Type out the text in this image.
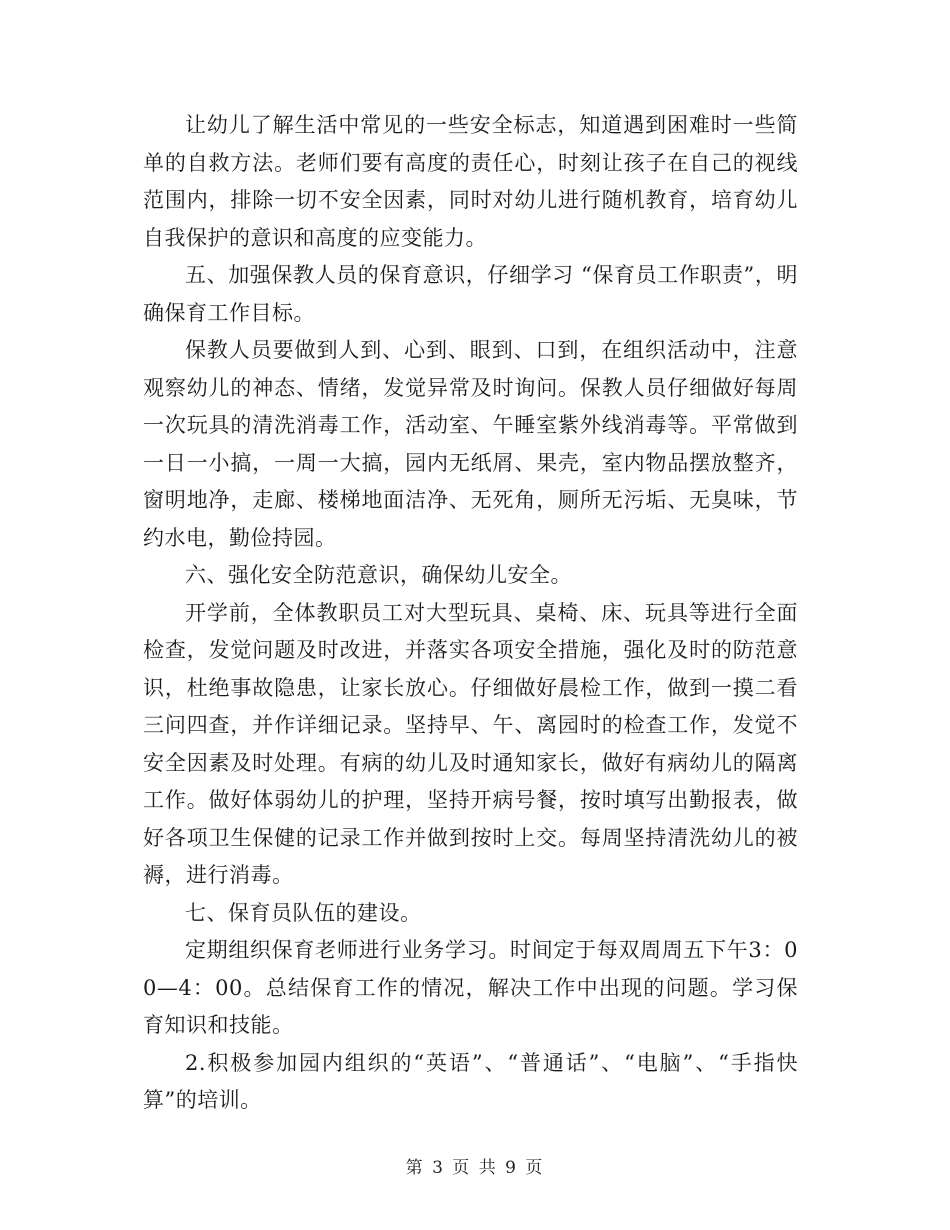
让幼儿了解生活中常见的一些安全标志，知道遇到困难时一些简单的自救方法。老师们要有高度的责任心，时刻让孩子在自己的视线范围内，排除一切不安全因素，同时对幼儿进行随机教育，培育幼儿自我保护的意识和高度的应变能力。

五、加强保教人员的保育意识，仔细学习 “保育员工作职责”，明确保育工作目标。

保教人员要做到人到、心到、眼到、口到，在组织活动中，注意观察幼儿的神态、情绪，发觉异常及时询问。保教人员仔细做好每周一次玩具的清洗消毒工作，活动室、午睡室紫外线消毒等。平常做到一日一小搞，一周一大搞，园内无纸屑、果壳，室内物品摆放整齐，窗明地净，走廊、楼梯地面洁净、无死角，厕所无污垢、无臭味，节约水电，勤俭持园。

六、强化安全防范意识，确保幼儿安全。

开学前，全体教职员工对大型玩具、桌椅、床、玩具等进行全面检查，发觉问题及时改进，并落实各项安全措施，强化及时的防范意识，杜绝事故隐患，让家长放心。仔细做好晨检工作，做到一摸二看三问四查，并作详细记录。坚持早、午、离园时的检查工作，发觉不安全因素及时处理。有病的幼儿及时通知家长，做好有病幼儿的隔离工作。做好体弱幼儿的护理，坚持开病号餐，按时填写出勤报表，做好各项卫生保健的记录工作并做到按时上交。每周坚持清洗幼儿的被褥，进行消毒。

七、保育员队伍的建设。

定期组织保育老师进行业务学习。时间定于每双周周五下午3：00—4：00。总结保育工作的情况，解决工作中出现的问题。学习保育知识和技能。

2.积极参加园内组织的“英语”、“普通话”、“电脑”、“手指快算”的培训。

第 3 页 共 9 页
